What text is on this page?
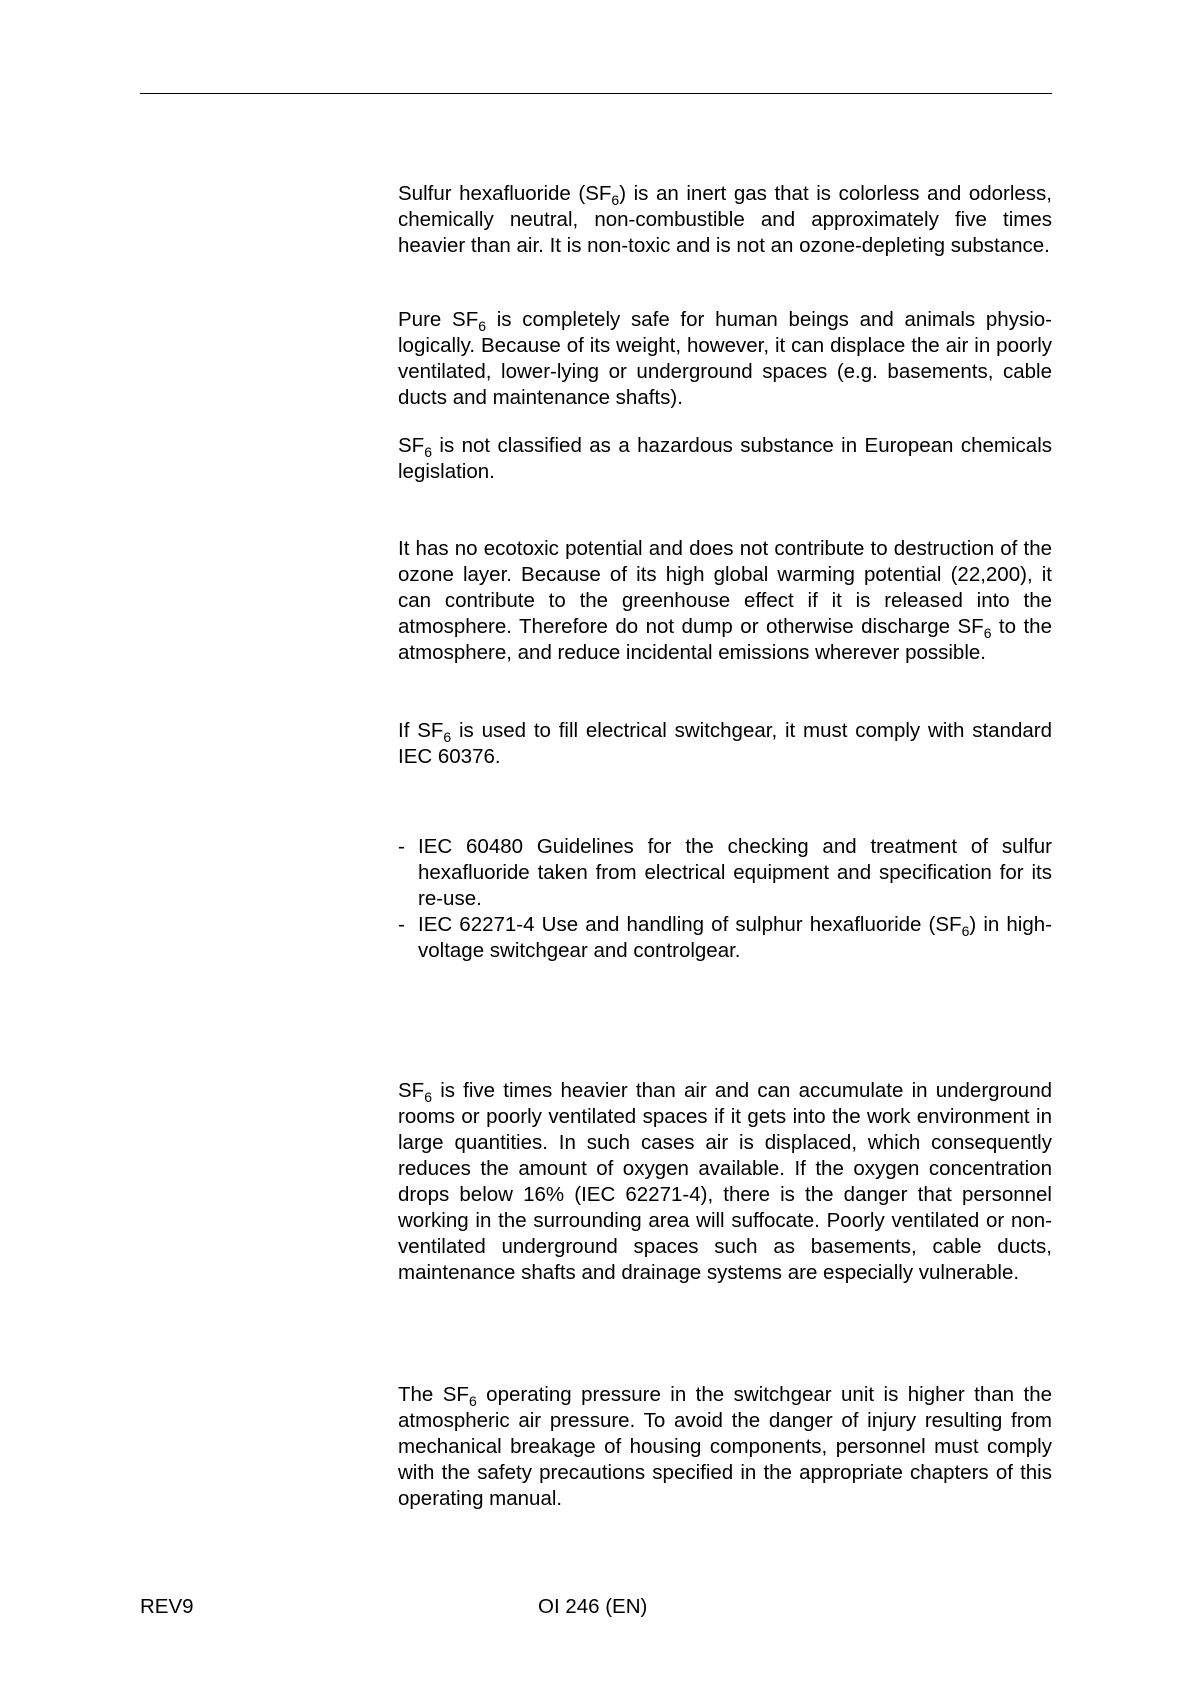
Sulfur hexafluoride $(SF_6)$ is an inert gas that is colorless and odorless, chemically neutral, non-combustible and approximately five times heavier than air. It is non-toxic and is not an ozone-depleting substance.

Pure $SF_6$ is completely safe for human beings and animals physiologically. Because of its weight, however, it can displace the air in poorly ventilated, lower-lying or underground spaces (e.g. basements, cable ducts and maintenance shafts).

$SF_6$ is not classified as a hazardous substance in European chemicals legislation.

It has no ecotoxic potential and does not contribute to destruction of the ozone layer. Because of its high global warming potential (22,200), it can contribute to the greenhouse effect if it is released into the atmosphere. Therefore do not dump or otherwise discharge $SF_6$ to the atmosphere, and reduce incidental emissions wherever possible.

If $SF_6$ is used to fill electrical switchgear, it must comply with standard IEC 60376.

- IEC 60480 Guidelines for the checking and treatment of sulfur hexafluoride taken from electrical equipment and specification for its re-use.
- IEC 62271-4 Use and handling of sulphur hexafluoride $(SF_6)$ in high-voltage switchgear and controlgear.

$SF_6$ is five times heavier than air and can accumulate in underground rooms or poorly ventilated spaces if it gets into the work environment in large quantities. In such cases air is displaced, which consequently reduces the amount of oxygen available. If the oxygen concentration drops below 16% (IEC 62271-4), there is the danger that personnel working in the surrounding area will suffocate. Poorly ventilated or non-ventilated underground spaces such as basements, cable ducts, maintenance shafts and drainage systems are especially vulnerable.

The $SF_6$ operating pressure in the switchgear unit is higher than the atmospheric air pressure. To avoid the danger of injury resulting from mechanical breakage of housing components, personnel must comply with the safety precautions specified in the appropriate chapters of this operating manual.

REV9	OI 246 (EN)
